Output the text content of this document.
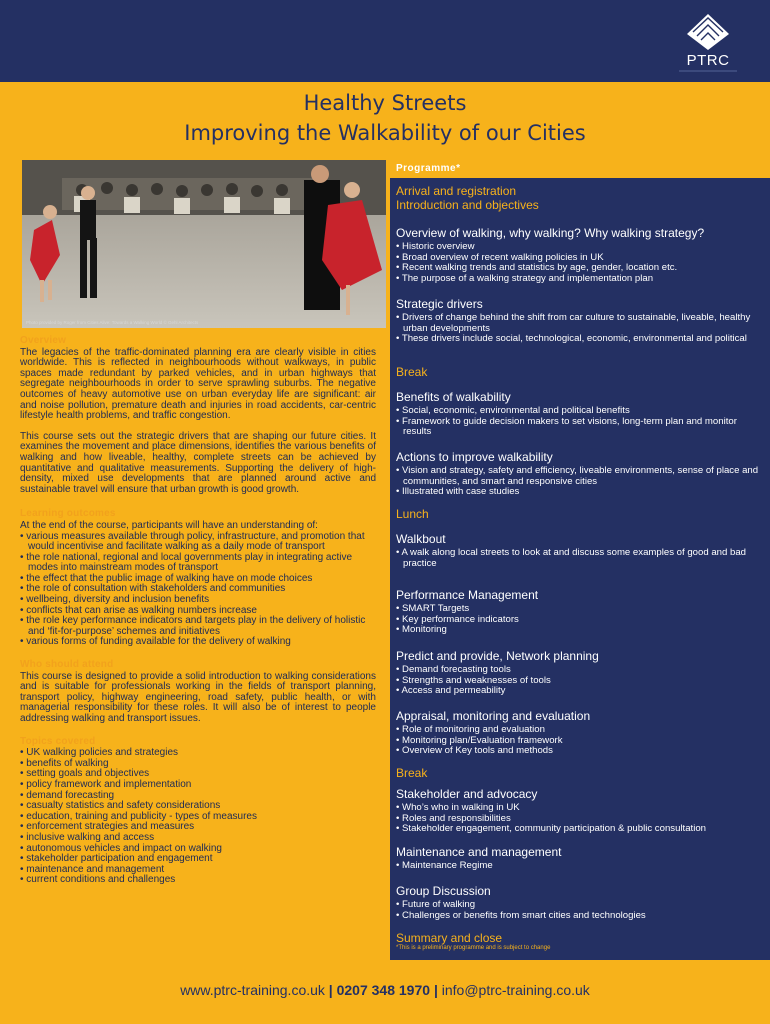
PTRC
Healthy Streets
Improving the Walkability of our Cities
Photo provided by Roger from Cities Alive: Towards a Walking World © Gehl Architects
Overview

The legacies of the traffic-dominated planning era are clearly visible in cities worldwide. This is reflected in neighbourhoods without walkways, in public spaces made redundant by parked vehicles, and in urban highways that segregate neighbourhoods in order to serve sprawling suburbs. The negative outcomes of heavy automotive use on urban everyday life are significant: air and noise pollution, premature death and injuries in road accidents, car-centric lifestyle health problems, and traffic congestion.

This course sets out the strategic drivers that are shaping our future cities. It examines the movement and place dimensions, identifies the various benefits of walking and how liveable, healthy, complete streets can be achieved by quantitative and qualitative measurements. Supporting the delivery of high-density, mixed use developments that are planned around active and sustainable travel will ensure that urban growth is good growth.

Learning outcomes

At the end of the course, participants will have an understanding of:

• various measures available through policy, infrastructure, and promotion that would incentivise and facilitate walking as a daily mode of transport
• the role national, regional and local governments play in integrating active modes into mainstream modes of transport
• the effect that the public image of walking have on mode choices
• the role of consultation with stakeholders and communities
• wellbeing, diversity and inclusion benefits
• conflicts that can arise as walking numbers increase
• the role key performance indicators and targets play in the delivery of holistic and ‘fit-for-purpose’ schemes and initiatives
• various forms of funding available for the delivery of walking
Who should attend

This course is designed to provide a solid introduction to walking considerations and is suitable for professionals working in the fields of transport planning, transport policy, highway engineering, road safety, public health, or with managerial responsibility for these roles. It will also be of interest to people addressing walking and transport issues.

Topics covered
• UK walking policies and strategies
• benefits of walking
• setting goals and objectives
• policy framework and implementation
• demand forecasting
• casualty statistics and safety considerations
• education, training and publicity - types of measures
• enforcement strategies and measures
• inclusive walking and access
• autonomous vehicles and impact on walking
• stakeholder participation and engagement
• maintenance and management
• current conditions and challenges
Programme*
Arrival and registration
Introduction and objectives
Overview of walking, why walking? Why walking strategy?
• Historic overview
• Broad overview of recent walking policies in UK
• Recent walking trends and statistics by age, gender, location etc.
• The purpose of a walking strategy and implementation plan
Strategic drivers
• Drivers of change behind the shift from car culture to sustainable, liveable, healthy urban developments
• These drivers include social, technological, economic, environmental and political
Break
Benefits of walkability
• Social, economic, environmental and political benefits
• Framework to guide decision makers to set visions, long-term plan and monitor results
Actions to improve walkability
• Vision and strategy, safety and efficiency, liveable environments, sense of place and communities, and smart and responsive cities
• Illustrated with case studies
Lunch
Walkbout
• A walk along local streets to look at and discuss some examples of good and bad practice
Performance Management
• SMART Targets
• Key performance indicators
• Monitoring
Predict and provide, Network planning
• Demand forecasting tools
• Strengths and weaknesses of tools
• Access and permeability
Appraisal, monitoring and evaluation
• Role of monitoring and evaluation
• Monitoring plan/Evaluation framework
• Overview of Key tools and methods
Break
Stakeholder and advocacy
• Who’s who in walking in UK
• Roles and responsibilities
• Stakeholder engagement, community participation & public consultation
Maintenance and management
• Maintenance Regime
Group Discussion
• Future of walking
• Challenges or benefits from smart cities and technologies
Summary and close
*This is a preliminary programme and is subject to change
www.ptrc-training.co.uk | 0207 348 1970 | info@ptrc-training.co.uk
